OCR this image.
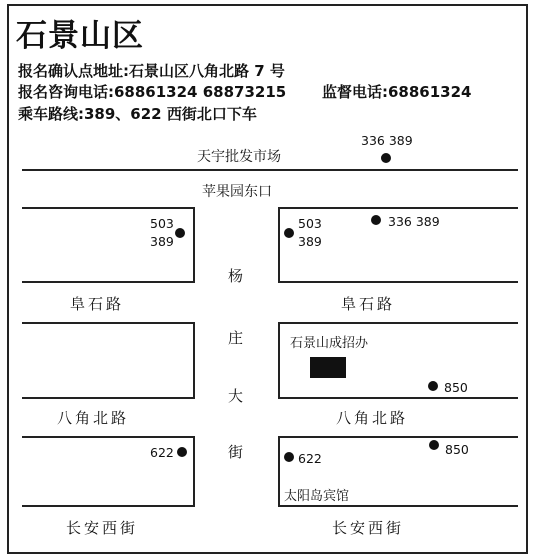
石景山区
报名确认点地址:石景山区八角北路 7 号
报名咨询电话:68861324 68873215 监督电话:68861324
乘车路线:389、622 西街北口下车
336 389
天宇批发市场
苹果园东口
503
389
503
389
336 389
杨
庄
大
街
阜石路	阜石路
石景山成招办
850
八角北路	八角北路
622	622
850
太阳岛宾馆
长安西街	长安西街
